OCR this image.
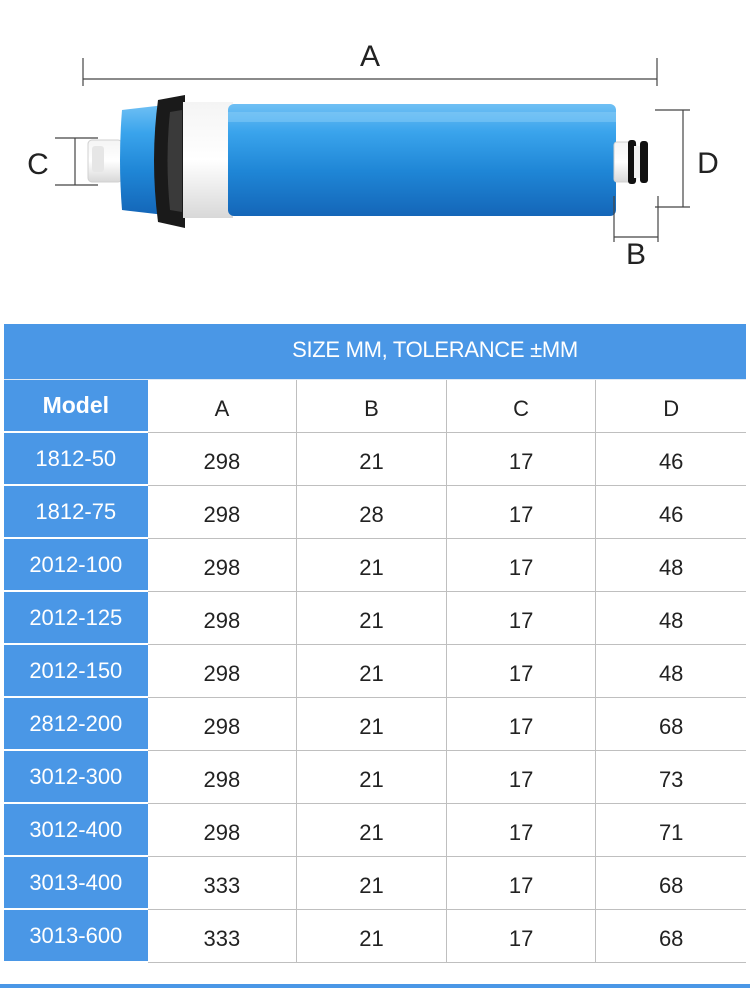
A
C	D
B
SIZE MM, TOLERANCE ±MM
Model	A	B	C	D
1812-50	298	21	17	46
1812-75	298	28	17	46
2012-100	298	21	17	48
2012-125	298	21	17	48
2012-150	298	21	17	48
2812-200	298	21	17	68
3012-300	298	21	17	73
3012-400	298	21	17	71
3013-400	333	21	17	68
3013-600	333	21	17	68
